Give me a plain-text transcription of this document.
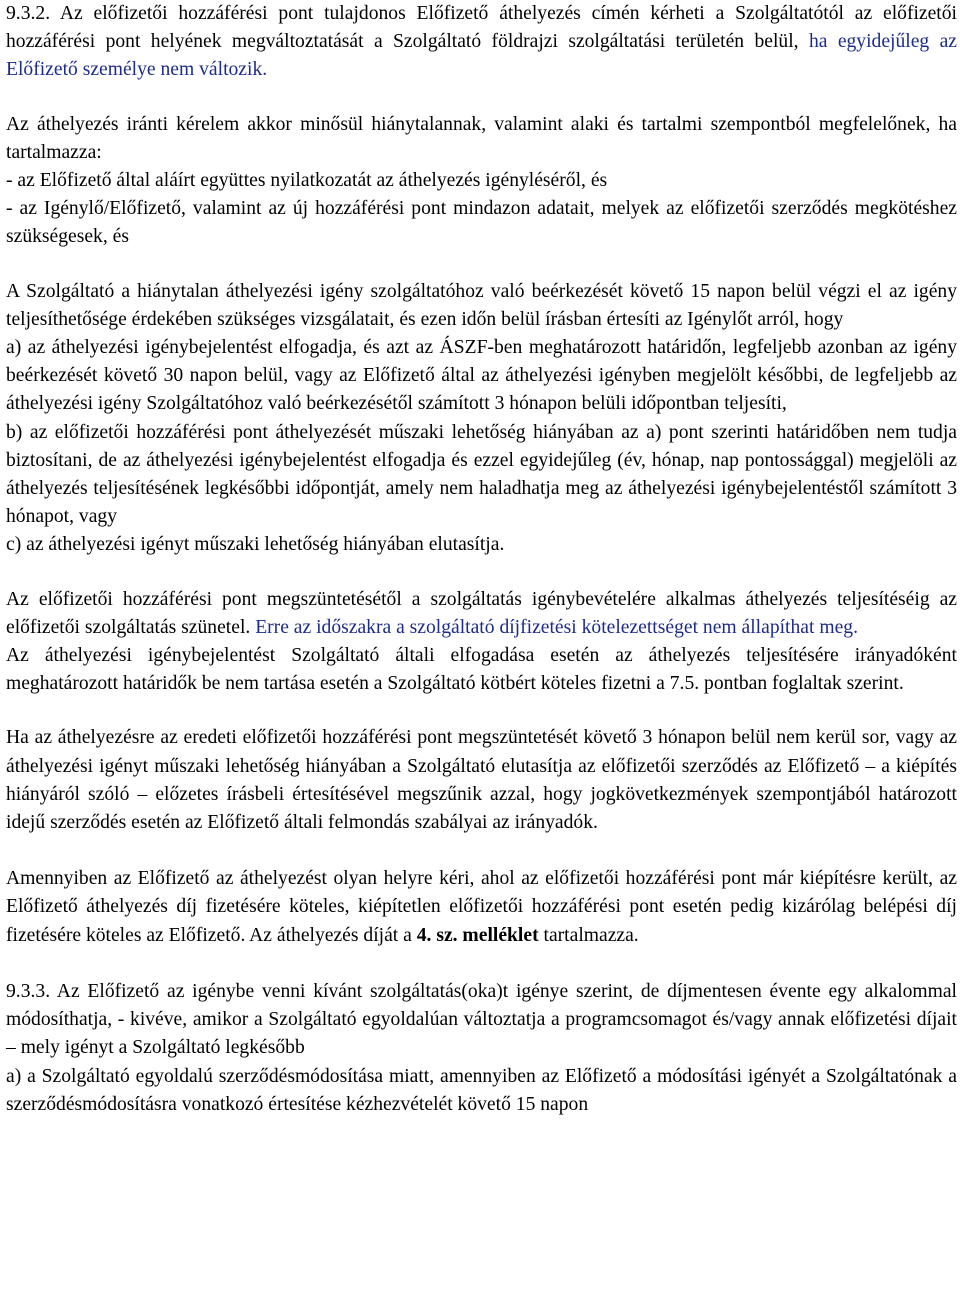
9.3.2. Az előfizetői hozzáférési pont tulajdonos Előfizető áthelyezés címén kérheti a Szolgáltatótól az előfizetői hozzáférési pont helyének megváltoztatását a Szolgáltató földrajzi szolgáltatási területén belül, ha egyidejűleg az Előfizető személye nem változik.

Az áthelyezés iránti kérelem akkor minősül hiánytalannak, valamint alaki és tartalmi szempontból megfelelőnek, ha tartalmazza:

- az Előfizető által aláírt együttes nyilatkozatát az áthelyezés igényléséről, és

- az Igénylő/Előfizető, valamint az új hozzáférési pont mindazon adatait, melyek az előfizetői szerződés megkötéshez szükségesek, és

A Szolgáltató a hiánytalan áthelyezési igény szolgáltatóhoz való beérkezését követő 15 napon belül végzi el az igény teljesíthetősége érdekében szükséges vizsgálatait, és ezen időn belül írásban értesíti az Igénylőt arról, hogy

a) az áthelyezési igénybejelentést elfogadja, és azt az ÁSZF-ben meghatározott határidőn, legfeljebb azonban az igény beérkezését követő 30 napon belül, vagy az Előfizető által az áthelyezési igényben megjelölt későbbi, de legfeljebb az áthelyezési igény Szolgáltatóhoz való beérkezésétől számított 3 hónapon belüli időpontban teljesíti,

b) az előfizetői hozzáférési pont áthelyezését műszaki lehetőség hiányában az a) pont szerinti határidőben nem tudja biztosítani, de az áthelyezési igénybejelentést elfogadja és ezzel egyidejűleg (év, hónap, nap pontossággal) megjelöli az áthelyezés teljesítésének legkésőbbi időpontját, amely nem haladhatja meg az áthelyezési igénybejelentéstől számított 3 hónapot, vagy

c) az áthelyezési igényt műszaki lehetőség hiányában elutasítja.

Az előfizetői hozzáférési pont megszüntetésétől a szolgáltatás igénybevételére alkalmas áthelyezés teljesítéséig az előfizetői szolgáltatás szünetel. Erre az időszakra a szolgáltató díjfizetési kötelezettséget nem állapíthat meg.

Az áthelyezési igénybejelentést Szolgáltató általi elfogadása esetén az áthelyezés teljesítésére irányadóként meghatározott határidők be nem tartása esetén a Szolgáltató kötbért köteles fizetni a 7.5. pontban foglaltak szerint.

Ha az áthelyezésre az eredeti előfizetői hozzáférési pont megszüntetését követő 3 hónapon belül nem kerül sor, vagy az áthelyezési igényt műszaki lehetőség hiányában a Szolgáltató elutasítja az előfizetői szerződés az Előfizető – a kiépítés hiányáról szóló – előzetes írásbeli értesítésével megszűnik azzal, hogy jogkövetkezmények szempontjából határozott idejű szerződés esetén az Előfizető általi felmondás szabályai az irányadók.

Amennyiben az Előfizető az áthelyezést olyan helyre kéri, ahol az előfizetői hozzáférési pont már kiépítésre került, az Előfizető áthelyezés díj fizetésére köteles, kiépítetlen előfizetői hozzáférési pont esetén pedig kizárólag belépési díj fizetésére köteles az Előfizető. Az áthelyezés díját a 4. sz. melléklet tartalmazza.

9.3.3. Az Előfizető az igénybe venni kívánt szolgáltatás(oka)t igénye szerint, de díjmentesen évente egy alkalommal módosíthatja, - kivéve, amikor a Szolgáltató egyoldalúan változtatja a programcsomagot és/vagy annak előfizetési díjait – mely igényt a Szolgáltató legkésőbb

a) a Szolgáltató egyoldalú szerződésmódosítása miatt, amennyiben az Előfizető a módosítási igényét a Szolgáltatónak a szerződésmódosításra vonatkozó értesítése kézhezvételét követő 15 napon
